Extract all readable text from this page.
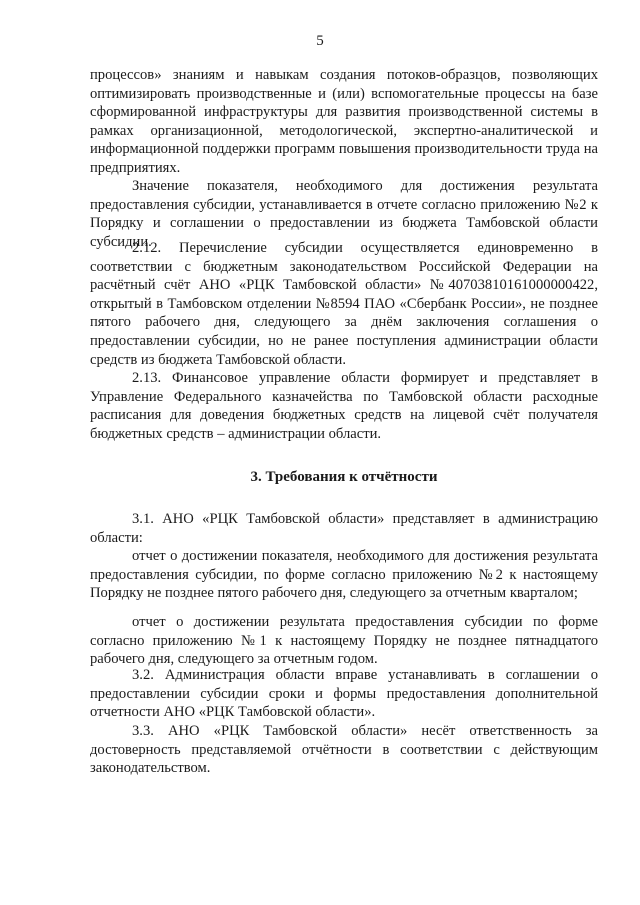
5

процессов» знаниям и навыкам создания потоков-образцов, позволяющих оптимизировать производственные и (или) вспомогательные процессы на базе сформированной инфраструктуры для развития производственной системы в рамках организационной, методологической, экспертно-аналитической и информационной поддержки программ повышения производительности труда на предприятиях.

Значение показателя, необходимого для достижения результата предоставления субсидии, устанавливается в отчете согласно приложению №2 к Порядку и соглашении о предоставлении из бюджета Тамбовской области субсидии.

2.12. Перечисление субсидии осуществляется единовременно в соответствии с бюджетным законодательством Российской Федерации на расчётный счёт АНО «РЦК Тамбовской области» №40703810161000000422, открытый в Тамбовском отделении №8594 ПАО «Сбербанк России», не позднее пятого рабочего дня, следующего за днём заключения соглашения о предоставлении субсидии, но не ранее поступления администрации области средств из бюджета Тамбовской области.

2.13. Финансовое управление области формирует и представляет в Управление Федерального казначейства по Тамбовской области расходные расписания для доведения бюджетных средств на лицевой счёт получателя бюджетных средств – администрации области.

3. Требования к отчётности

3.1. АНО «РЦК Тамбовской области» представляет в администрацию области:

отчет о достижении показателя, необходимого для достижения результата предоставления субсидии, по форме согласно приложению №2 к настоящему Порядку не позднее пятого рабочего дня, следующего за отчетным кварталом;

отчет о достижении результата предоставления субсидии по форме согласно приложению №1 к настоящему Порядку не позднее пятнадцатого рабочего дня, следующего за отчетным годом.

3.2. Администрация области вправе устанавливать в соглашении о предоставлении субсидии сроки и формы предоставления дополнительной отчетности АНО «РЦК Тамбовской области».

3.3. АНО «РЦК Тамбовской области» несёт ответственность за достоверность представляемой отчётности в соответствии с действующим законодательством.
